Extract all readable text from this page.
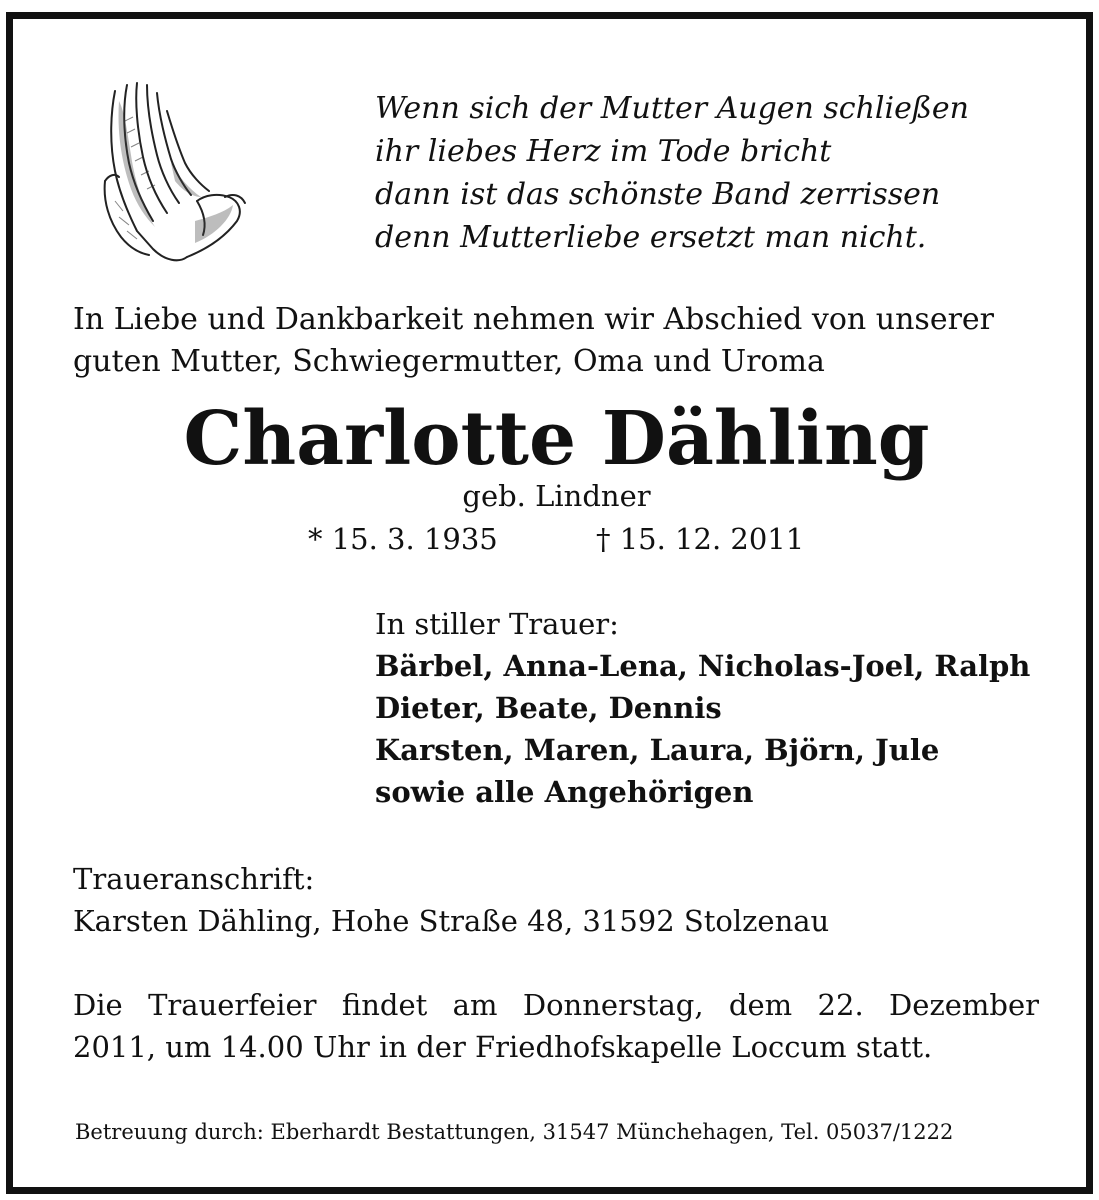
Wenn sich der Mutter Augen schließen
ihr liebes Herz im Tode bricht
dann ist das schönste Band zerrissen
denn Mutterliebe ersetzt man nicht.
In Liebe und Dankbarkeit nehmen wir Abschied von unserer
guten Mutter, Schwiegermutter, Oma und Uroma
Charlotte Dähling
geb. Lindner
* 15. 3. 1935	† 15. 12. 2011
In stiller Trauer:
Bärbel, Anna-Lena, Nicholas-Joel, Ralph
Dieter, Beate, Dennis
Karsten, Maren, Laura, Björn, Jule
sowie alle Angehörigen
Traueranschrift:
Karsten Dähling, Hohe Straße 48, 31592 Stolzenau
Die Trauerfeier findet am Donnerstag, dem 22. Dezember
2011, um 14.00 Uhr in der Friedhofskapelle Loccum statt.
Betreuung durch: Eberhardt Bestattungen, 31547 Münchehagen, Tel. 05037/1222
